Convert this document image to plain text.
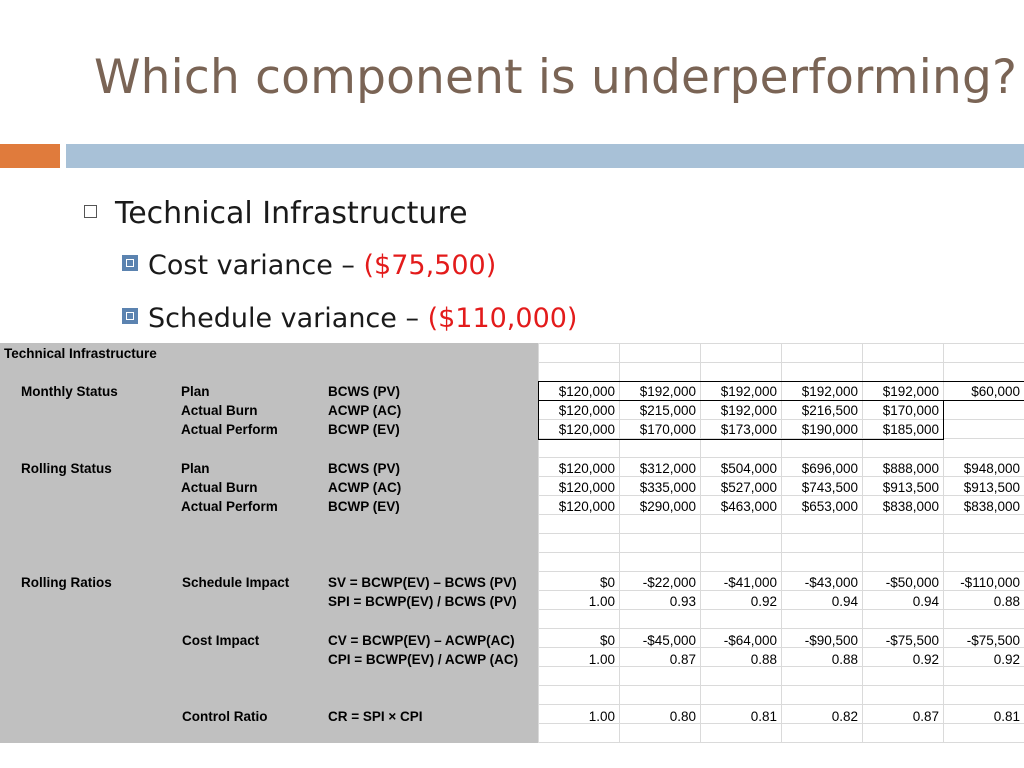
Which component is underperforming?
Technical Infrastructure
Cost variance – ($75,500)
Schedule variance – ($110,000)
Technical Infrastructure
Monthly Status	Plan	BCWS (PV)	$120,000	$192,000	$192,000	$192,000	$192,000	$60,000
Actual Burn	ACWP (AC)	$120,000	$215,000	$192,000	$216,500	$170,000
Actual Perform	BCWP (EV)	$120,000	$170,000	$173,000	$190,000	$185,000
Rolling Status	Plan	BCWS (PV)	$120,000	$312,000	$504,000	$696,000	$888,000	$948,000
Actual Burn	ACWP (AC)	$120,000	$335,000	$527,000	$743,500	$913,500	$913,500
Actual Perform	BCWP (EV)	$120,000	$290,000	$463,000	$653,000	$838,000	$838,000
Rolling Ratios	Schedule Impact	SV = BCWP(EV) – BCWS (PV)	$0	-$22,000	-$41,000	-$43,000	-$50,000	-$110,000
SPI = BCWP(EV) / BCWS (PV)	1.00	0.93	0.92	0.94	0.94	0.88
Cost Impact	CV = BCWP(EV) – ACWP(AC)	$0	-$45,000	-$64,000	-$90,500	-$75,500	-$75,500
CPI = BCWP(EV) / ACWP (AC)	1.00	0.87	0.88	0.88	0.92	0.92
Control Ratio	CR = SPI × CPI	1.00	0.80	0.81	0.82	0.87	0.81
